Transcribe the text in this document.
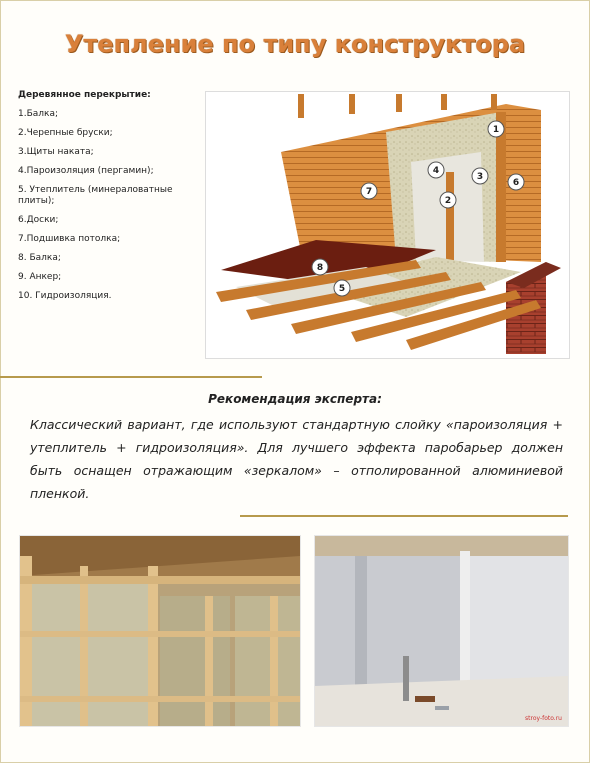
Утепление по типу конструктора
Деревянное перекрытие:
1.Балка;
2.Черепные бруски;
3.Щиты наката;
4.Пароизоляция (пергамин);
5. Утеплитель (минераловатные плиты);
6.Доски;
7.Подшивка потолка;
8. Балка;
9. Анкер;
10. Гидроизоляция.
1
2
3
4
5
6
7
8
Рекомендация эксперта:
Классический вариант, где используют стандартную слойку «пароизоляция + утеплитель + гидроизоляция». Для лучшего эффекта паробарьер должен быть оснащен отражающим «зеркалом» – отполированной алюминиевой пленкой.
stroy-foto.ru
